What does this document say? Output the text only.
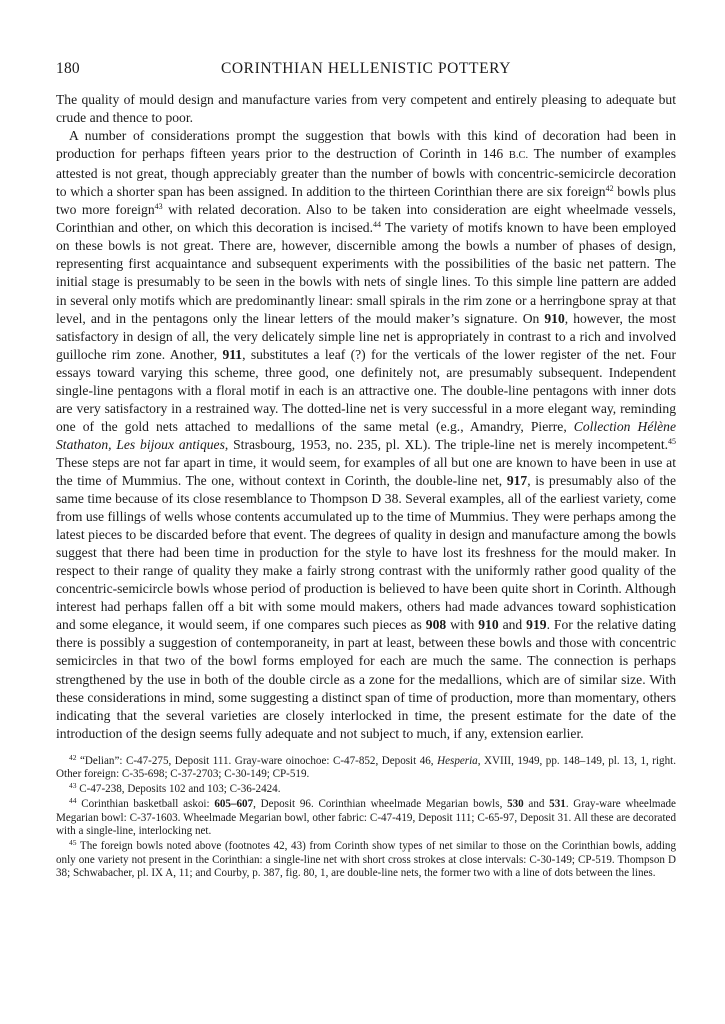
180	CORINTHIAN HELLENISTIC POTTERY

The quality of mould design and manufacture varies from very competent and entirely pleasing to adequate but crude and thence to poor.

A number of considerations prompt the suggestion that bowls with this kind of decoration had been in production for perhaps fifteen years prior to the destruction of Corinth in 146 B.C. The number of examples attested is not great, though appreciably greater than the number of bowls with concentric-semicircle decoration to which a shorter span has been assigned. In addition to the thirteen Corinthian there are six foreign$^{42}$ bowls plus two more foreign$^{43}$ with related decoration. Also to be taken into consideration are eight wheelmade vessels, Corinthian and other, on which this decoration is incised.$^{44}$ The variety of motifs known to have been employed on these bowls is not great. There are, however, discernible among the bowls a number of phases of design, representing first acquaintance and subsequent experiments with the possibilities of the basic net pattern. The initial stage is presumably to be seen in the bowls with nets of single lines. To this simple line pattern are added in several only motifs which are predominantly linear: small spirals in the rim zone or a herringbone spray at that level, and in the pentagons only the linear letters of the mould maker’s signature. On 910, however, the most satisfactory in design of all, the very delicately simple line net is appropriately in contrast to a rich and involved guilloche rim zone. Another, 911, substitutes a leaf (?) for the verticals of the lower register of the net. Four essays toward varying this scheme, three good, one definitely not, are presumably subsequent. Independent single-line pentagons with a floral motif in each is an attractive one. The double-line pentagons with inner dots are very satisfactory in a restrained way. The dotted-line net is very successful in a more elegant way, reminding one of the gold nets attached to medallions of the same metal (e.g., Amandry, Pierre, Collection Hélène Stathaton, Les bijoux antiques, Strasbourg, 1953, no. 235, pl. XL). The triple-line net is merely incompetent.$^{45}$ These steps are not far apart in time, it would seem, for examples of all but one are known to have been in use at the time of Mummius. The one, without context in Corinth, the double-line net, 917, is presumably also of the same time because of its close resemblance to Thompson D 38. Several examples, all of the earliest variety, come from use fillings of wells whose contents accumulated up to the time of Mummius. They were perhaps among the latest pieces to be discarded before that event. The degrees of quality in design and manufacture among the bowls suggest that there had been time in production for the style to have lost its freshness for the mould maker. In respect to their range of quality they make a fairly strong contrast with the uniformly rather good quality of the concentric-semicircle bowls whose period of production is believed to have been quite short in Corinth. Although interest had perhaps fallen off a bit with some mould makers, others had made advances toward sophistication and some elegance, it would seem, if one compares such pieces as 908 with 910 and 919. For the relative dating there is possibly a suggestion of contemporaneity, in part at least, between these bowls and those with concentric semicircles in that two of the bowl forms employed for each are much the same. The connection is perhaps strengthened by the use in both of the double circle as a zone for the medallions, which are of similar size. With these considerations in mind, some suggesting a distinct span of time of production, more than momentary, others indicating that the several varieties are closely interlocked in time, the present estimate for the date of the introduction of the design seems fully adequate and not subject to much, if any, extension earlier.

$^{42}$ “Delian”: C-47-275, Deposit 111. Gray-ware oinochoe: C-47-852, Deposit 46, Hesperia, XVIII, 1949, pp. 148–149, pl. 13, 1, right. Other foreign: C-35-698; C-37-2703; C-30-149; CP-519.

$^{43}$ C-47-238, Deposits 102 and 103; C-36-2424.

$^{44}$ Corinthian basketball askoi: 605–607, Deposit 96. Corinthian wheelmade Megarian bowls, 530 and 531. Gray-ware wheelmade Megarian bowl: C-37-1603. Wheelmade Megarian bowl, other fabric: C-47-419, Deposit 111; C-65-97, Deposit 31. All these are decorated with a single-line, interlocking net.

$^{45}$ The foreign bowls noted above (footnotes 42, 43) from Corinth show types of net similar to those on the Corinthian bowls, adding only one variety not present in the Corinthian: a single-line net with short cross strokes at close intervals: C-30-149; CP-519. Thompson D 38; Schwabacher, pl. IX A, 11; and Courby, p. 387, fig. 80, 1, are double-line nets, the former two with a line of dots between the lines.
